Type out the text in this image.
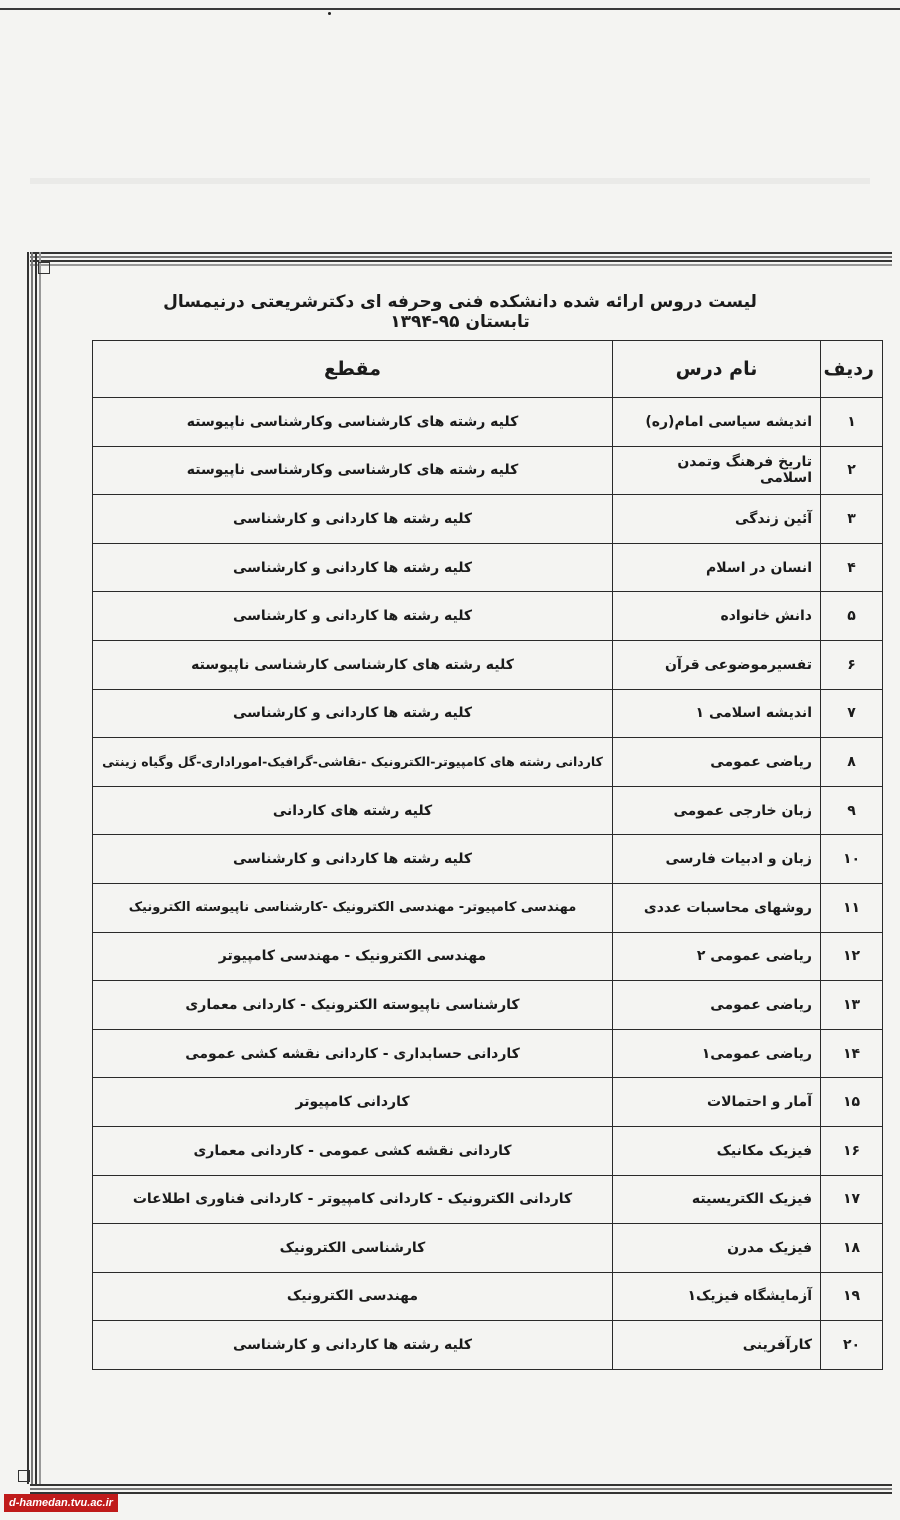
لیست دروس ارائه شده دانشکده فنی وحرفه ای دکترشریعتی درنیمسال تابستان ۹۵-۱۳۹۴
ردیف	نام درس	مقطع
۱	اندیشه سیاسی امام(ره)	کلیه رشته های کارشناسی وکارشناسی ناپیوسته
۲	تاریخ فرهنگ وتمدن اسلامی	کلیه رشته های کارشناسی وکارشناسی ناپیوسته
۳	آئین زندگی	کلیه رشته ها کاردانی و کارشناسی
۴	انسان در اسلام	کلیه رشته ها کاردانی و کارشناسی
۵	دانش خانواده	کلیه رشته ها کاردانی و کارشناسی
۶	تفسیرموضوعی قرآن	کلیه رشته های کارشناسی کارشناسی ناپیوسته
۷	اندیشه اسلامی ۱	کلیه رشته ها کاردانی و کارشناسی
۸	ریاضی عمومی	کاردانی رشته های کامپیوتر-الکترونیک -نقاشی-گرافیک-اموراداری-گل وگیاه زینتی
۹	زبان خارجی عمومی	کلیه رشته های کاردانی
۱۰	زبان و ادبیات فارسی	کلیه رشته ها کاردانی و کارشناسی
۱۱	روشهای محاسبات عددی	مهندسی کامپیوتر- مهندسی الکترونیک -کارشناسی ناپیوسته الکترونیک
۱۲	ریاضی عمومی ۲	مهندسی الکترونیک - مهندسی کامپیوتر
۱۳	ریاضی عمومی	کارشناسی ناپیوسته الکترونیک - کاردانی معماری
۱۴	ریاضی عمومی۱	کاردانی حسابداری - کاردانی نقشه کشی عمومی
۱۵	آمار و احتمالات	کاردانی کامپیوتر
۱۶	فیزیک مکانیک	کاردانی نقشه کشی عمومی - کاردانی معماری
۱۷	فیزیک الکتریسیته	کاردانی الکترونیک - کاردانی کامپیوتر - کاردانی فناوری اطلاعات
۱۸	فیزیک مدرن	کارشناسی الکترونیک
۱۹	آزمایشگاه فیزیک۱	مهندسی الکترونیک
۲۰	کارآفرینی	کلیه رشته ها کاردانی و کارشناسی
d-hamedan.tvu.ac.ir
